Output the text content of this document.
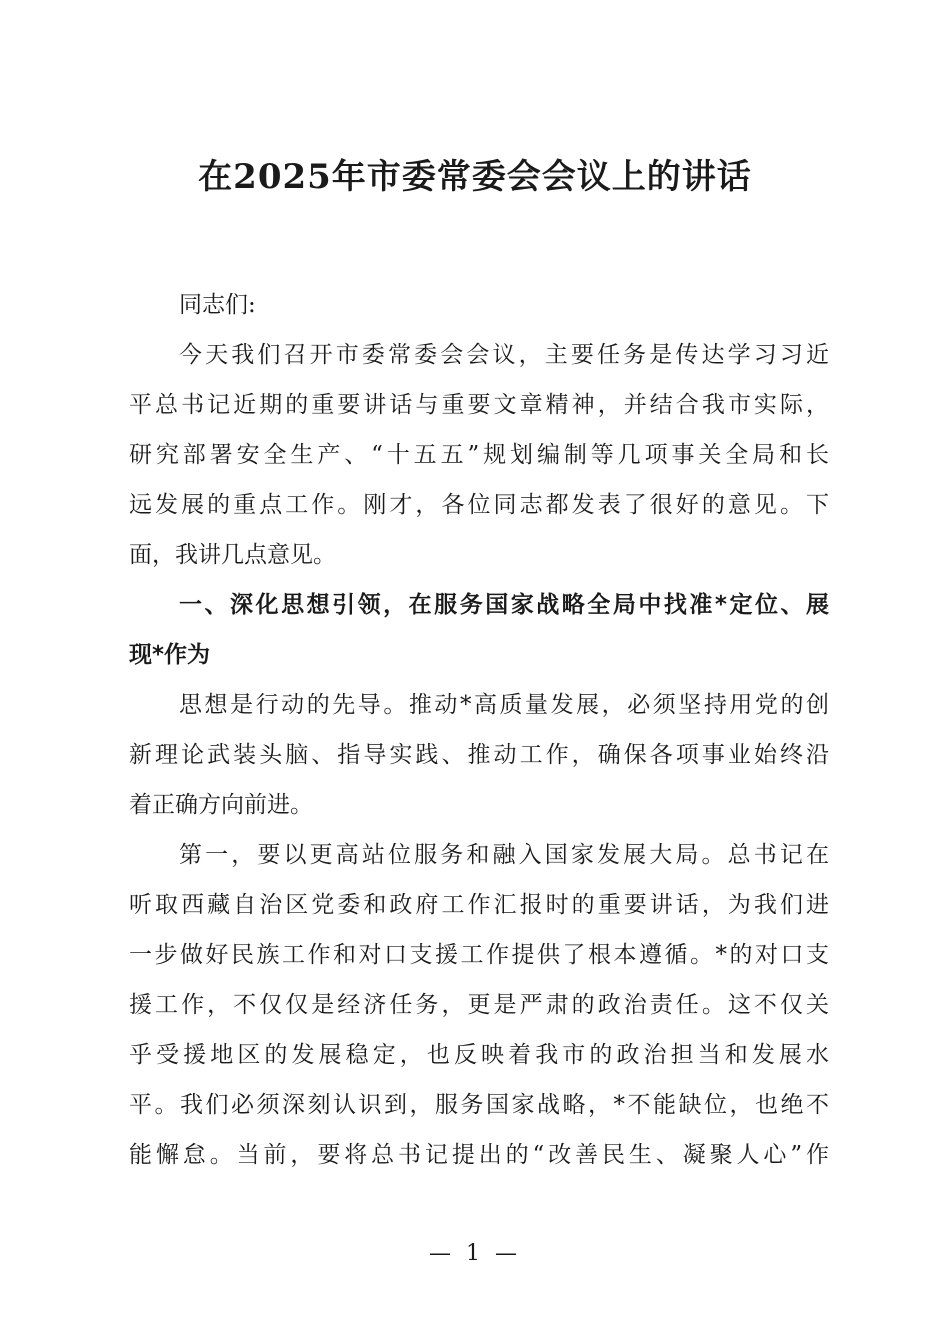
在2025年市委常委会会议上的讲话
同志们:
今天我们召开市委常委会会议，主要任务是传达学习习近
平总书记近期的重要讲话与重要文章精神，并结合我市实际，
研究部署安全生产、“十五五”规划编制等几项事关全局和长
远发展的重点工作。刚才，各位同志都发表了很好的意见。下
面，我讲几点意见。
一、深化思想引领，在服务国家战略全局中找准*定位、展
现*作为
思想是行动的先导。推动*高质量发展，必须坚持用党的创
新理论武装头脑、指导实践、推动工作，确保各项事业始终沿
着正确方向前进。
第一，要以更高站位服务和融入国家发展大局。总书记在
听取西藏自治区党委和政府工作汇报时的重要讲话，为我们进
一步做好民族工作和对口支援工作提供了根本遵循。*的对口支
援工作，不仅仅是经济任务，更是严肃的政治责任。这不仅关
乎受援地区的发展稳定，也反映着我市的政治担当和发展水
平。我们必须深刻认识到，服务国家战略，*不能缺位，也绝不
能懈怠。当前，要将总书记提出的“改善民生、凝聚人心”作
— 1 —
